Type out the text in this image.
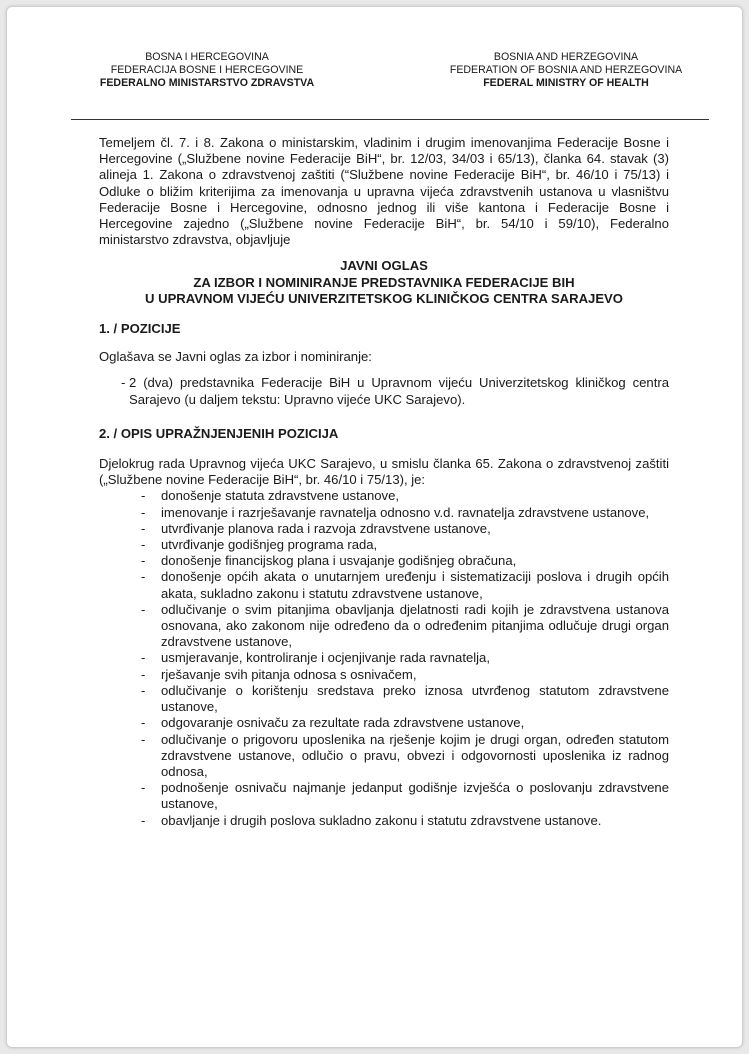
BOSNA I HERCEGOVINA
FEDERACIJA BOSNE I HERCEGOVINE
FEDERALNO MINISTARSTVO ZDRAVSTVA
BOSNIA AND HERZEGOVINA
FEDERATION OF BOSNIA AND HERZEGOVINA
FEDERAL MINISTRY OF HEALTH

Temeljem čl. 7. i 8. Zakona o ministarskim, vladinim i drugim imenovanjima Federacije Bosne i Hercegovine („Službene novine Federacije BiH“, br. 12/03, 34/03 i 65/13), članka 64. stavak (3) alineja 1. Zakona o zdravstvenoj zaštiti (“Službene novine Federacije BiH“, br. 46/10 i 75/13) i Odluke o bližim kriterijima za imenovanja u upravna vijeća zdravstvenih ustanova u vlasništvu Federacije Bosne i Hercegovine, odnosno jednog ili više kantona i Federacije Bosne i Hercegovine zajedno („Službene novine Federacije BiH“, br. 54/10 i 59/10), Federalno ministarstvo zdravstva, objavljuje

JAVNI OGLAS
ZA IZBOR I NOMINIRANJE PREDSTAVNIKA FEDERACIJE BIH
U UPRAVNOM VIJEĆU UNIVERZITETSKOG KLINIČKOG CENTRA SARAJEVO
1. / POZICIJE

Oglašava se Javni oglas za izbor i nominiranje:

- 2 (dva) predstavnika Federacije BiH u Upravnom vijeću Univerzitetskog kliničkog centra Sarajevo (u daljem tekstu: Upravno vijeće UKC Sarajevo).
2. / OPIS UPRAŽNJENJENIH POZICIJA

Djelokrug rada Upravnog vijeća UKC Sarajevo, u smislu članka 65. Zakona o zdravstvenoj zaštiti („Službene novine Federacije BiH“, br. 46/10 i 75/13), je:

- donošenje statuta zdravstvene ustanove,
- imenovanje i razrješavanje ravnatelja odnosno v.d. ravnatelja zdravstvene ustanove,
- utvrđivanje planova rada i razvoja zdravstvene ustanove,
- utvrđivanje godišnjeg programa rada,
- donošenje financijskog plana i usvajanje godišnjeg obračuna,
- donošenje općih akata o unutarnjem uređenju i sistematizaciji poslova i drugih općih akata, sukladno zakonu i statutu zdravstvene ustanove,
- odlučivanje o svim pitanjima obavljanja djelatnosti radi kojih je zdravstvena ustanova osnovana, ako zakonom nije određeno da o određenim pitanjima odlučuje drugi organ zdravstvene ustanove,
- usmjeravanje, kontroliranje i ocjenjivanje rada ravnatelja,
- rješavanje svih pitanja odnosa s osnivačem,
- odlučivanje o korištenju sredstava preko iznosa utvrđenog statutom zdravstvene ustanove,
- odgovaranje osnivaču za rezultate rada zdravstvene ustanove,
- odlučivanje o prigovoru uposlenika na rješenje kojim je drugi organ, određen statutom zdravstvene ustanove, odlučio o pravu, obvezi i odgovornosti uposlenika iz radnog odnosa,
- podnošenje osnivaču najmanje jedanput godišnje izvješća o poslovanju zdravstvene ustanove,
- obavljanje i drugih poslova sukladno zakonu i statutu zdravstvene ustanove.
